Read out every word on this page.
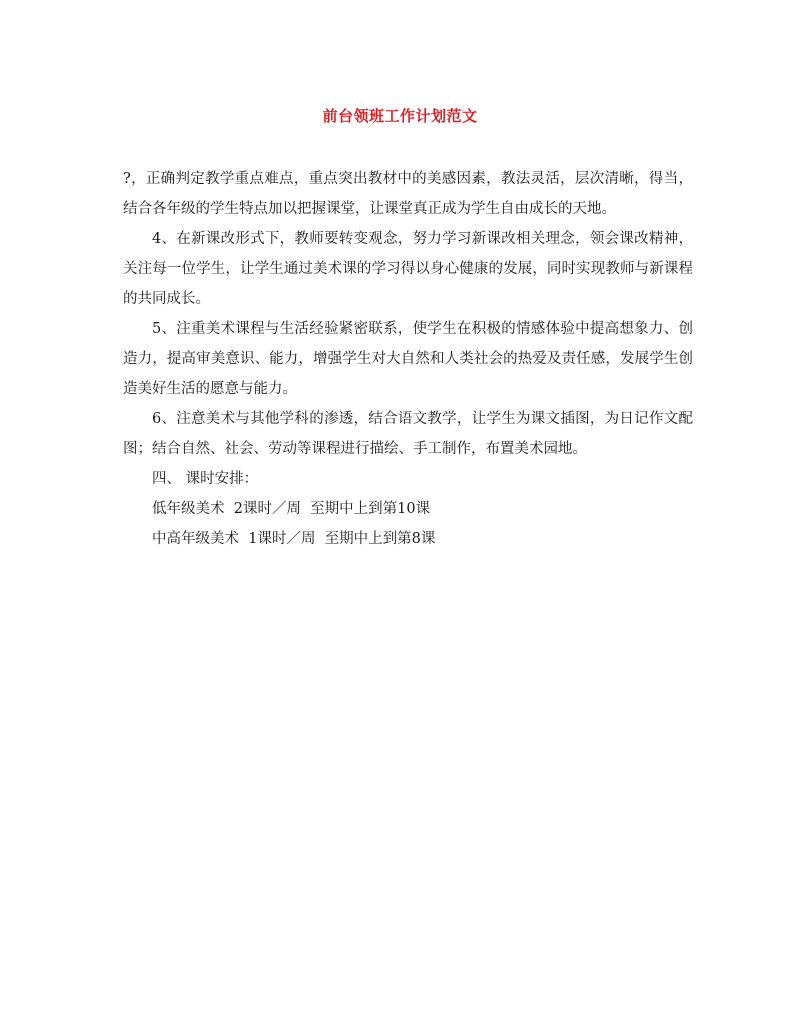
前台领班工作计划范文

?，正确判定教学重点难点，重点突出教材中的美感因素，教法灵活，层次清晰，得当，结合各年级的学生特点加以把握课堂，让课堂真正成为学生自由成长的天地。

4、在新课改形式下，教师要转变观念，努力学习新课改相关理念，领会课改精神，关注每一位学生，让学生通过美术课的学习得以身心健康的发展，同时实现教师与新课程的共同成长。

5、注重美术课程与生活经验紧密联系，使学生在积极的情感体验中提高想象力、创造力，提高审美意识、能力，增强学生对大自然和人类社会的热爱及责任感，发展学生创造美好生活的愿意与能力。

6、注意美术与其他学科的渗透，结合语文教学，让学生为课文插图，为日记作文配图；结合自然、社会、劳动等课程进行描绘、手工制作，布置美术园地。

四、 课时安排：

低年级美术  2课时／周  至期中上到第10课

中高年级美术  1课时／周  至期中上到第8课
